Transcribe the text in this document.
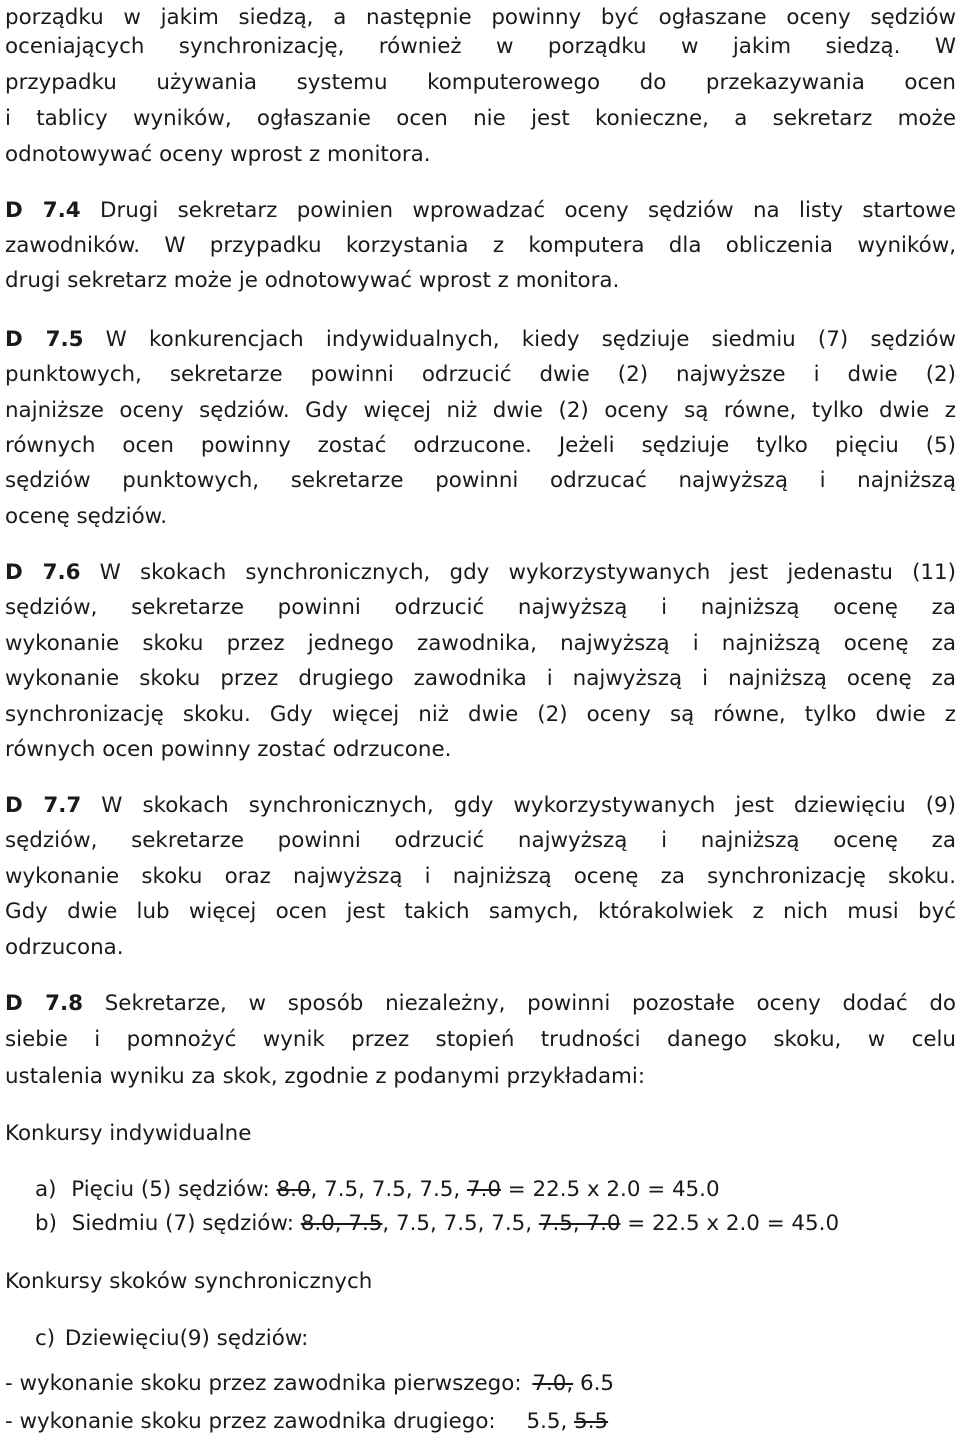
porządku w jakim siedzą, a następnie powinny być ogłaszane oceny sędziów
oceniających synchronizację, również w porządku w jakim siedzą. W
przypadku używania systemu komputerowego do przekazywania ocen
i tablicy wyników, ogłaszanie ocen nie jest konieczne, a sekretarz może
odnotowywać oceny wprost z monitora.
D 7.4 Drugi sekretarz powinien wprowadzać oceny sędziów na listy startowe
zawodników. W przypadku korzystania z komputera dla obliczenia wyników,
drugi sekretarz może je odnotowywać wprost z monitora.
D 7.5 W konkurencjach indywidualnych, kiedy sędziuje siedmiu (7) sędziów
punktowych, sekretarze powinni odrzucić dwie (2) najwyższe i dwie (2)
najniższe oceny sędziów. Gdy więcej niż dwie (2) oceny są równe, tylko dwie z
równych ocen powinny zostać odrzucone. Jeżeli sędziuje tylko pięciu (5)
sędziów punktowych, sekretarze powinni odrzucać najwyższą i najniższą
ocenę sędziów.
D 7.6 W skokach synchronicznych, gdy wykorzystywanych jest jedenastu (11)
sędziów, sekretarze powinni odrzucić najwyższą i najniższą ocenę za
wykonanie skoku przez jednego zawodnika, najwyższą i najniższą ocenę za
wykonanie skoku przez drugiego zawodnika i najwyższą i najniższą ocenę za
synchronizację skoku. Gdy więcej niż dwie (2) oceny są równe, tylko dwie z
równych ocen powinny zostać odrzucone.
D 7.7 W skokach synchronicznych, gdy wykorzystywanych jest dziewięciu (9)
sędziów, sekretarze powinni odrzucić najwyższą i najniższą ocenę za
wykonanie skoku oraz najwyższą i najniższą ocenę za synchronizację skoku.
Gdy dwie lub więcej ocen jest takich samych, którakolwiek z nich musi być
odrzucona.
D 7.8 Sekretarze, w sposób niezależny, powinni pozostałe oceny dodać do
siebie i pomnożyć wynik przez stopień trudności danego skoku, w celu
ustalenia wyniku za skok, zgodnie z podanymi przykładami:
Konkursy indywidualne
a) Pięciu (5) sędziów: 8.0, 7.5, 7.5, 7.5, 7.0 = 22.5 x 2.0 = 45.0
b) Siedmiu (7) sędziów: 8.0, 7.5, 7.5, 7.5, 7.5, 7.5, 7.0 = 22.5 x 2.0 = 45.0
Konkursy skoków synchronicznych
c) Dziewięciu(9) sędziów:
- wykonanie skoku przez zawodnika pierwszego: 7.0, 6.5
- wykonanie skoku przez zawodnika drugiego: 5.5, 5.5
